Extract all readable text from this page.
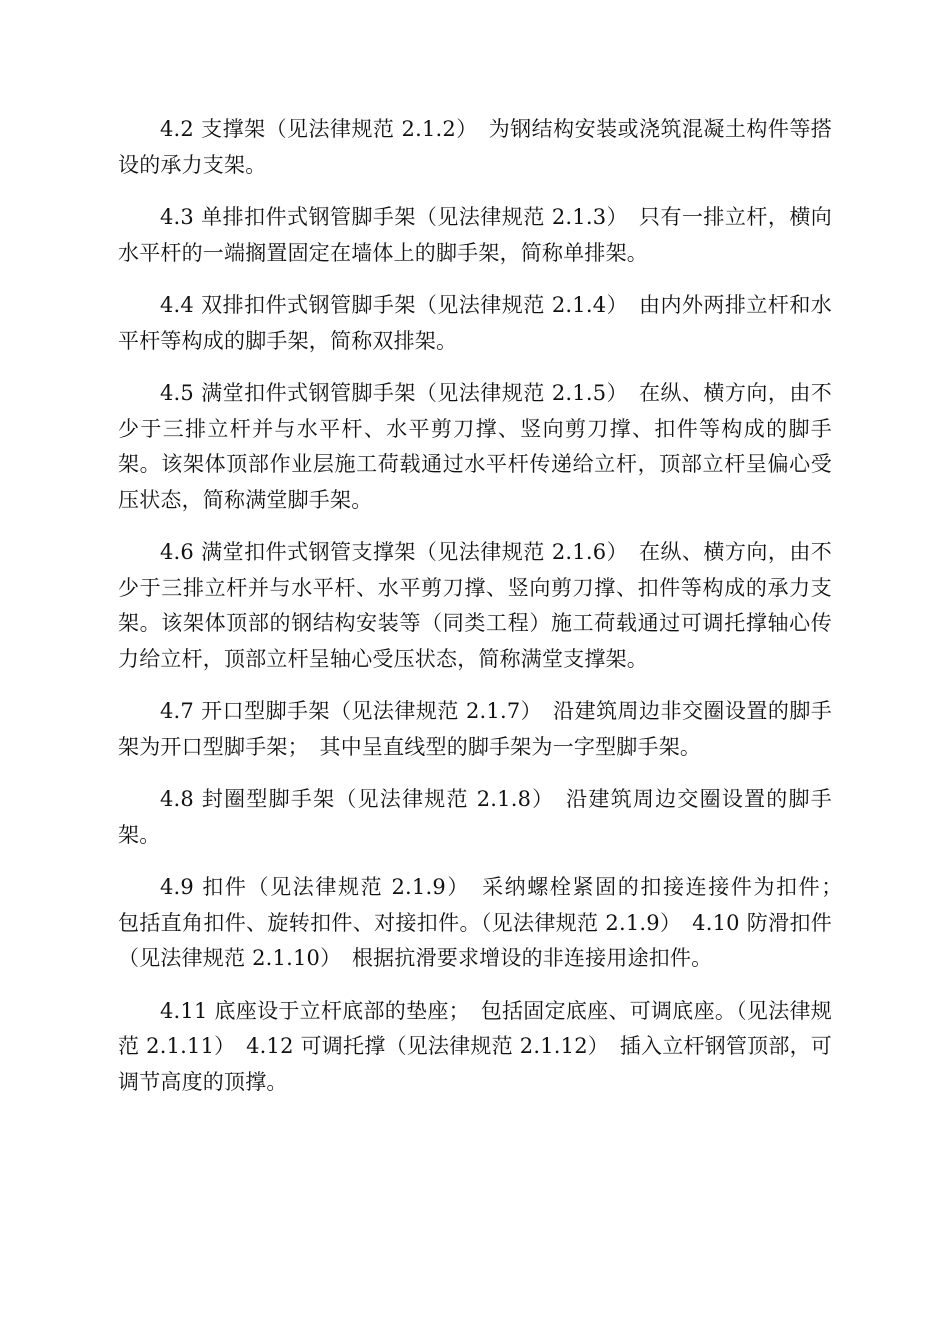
4.2 支撑架（见法律规范 2.1.2）　为钢结构安装或浇筑混凝土构件等搭设的承力支架。

4.3 单排扣件式钢管脚手架（见法律规范 2.1.3）　只有一排立杆，横向水平杆的一端搁置固定在墙体上的脚手架，简称单排架。

4.4 双排扣件式钢管脚手架（见法律规范 2.1.4）　由内外两排立杆和水平杆等构成的脚手架，简称双排架。

4.5 满堂扣件式钢管脚手架（见法律规范 2.1.5）　在纵、横方向，由不少于三排立杆并与水平杆、水平剪刀撑、竖向剪刀撑、扣件等构成的脚手架。该架体顶部作业层施工荷载通过水平杆传递给立杆，顶部立杆呈偏心受压状态，简称满堂脚手架。

4.6 满堂扣件式钢管支撑架（见法律规范 2.1.6）　在纵、横方向，由不少于三排立杆并与水平杆、水平剪刀撑、竖向剪刀撑、扣件等构成的承力支架。该架体顶部的钢结构安装等（同类工程）施工荷载通过可调托撑轴心传力给立杆，顶部立杆呈轴心受压状态，简称满堂支撑架。

4.7 开口型脚手架（见法律规范 2.1.7）　沿建筑周边非交圈设置的脚手架为开口型脚手架；　其中呈直线型的脚手架为一字型脚手架。

4.8 封圈型脚手架（见法律规范 2.1.8）　沿建筑周边交圈设置的脚手架。

4.9 扣件（见法律规范 2.1.9）　采纳螺栓紧固的扣接连接件为扣件；　包括直角扣件、旋转扣件、对接扣件。（见法律规范 2.1.9）　4.10 防滑扣件（见法律规范 2.1.10）　根据抗滑要求增设的非连接用途扣件。

4.11 底座设于立杆底部的垫座；　包括固定底座、可调底座。（见法律规范 2.1.11）　4.12 可调托撑（见法律规范 2.1.12）　插入立杆钢管顶部，可调节高度的顶撑。
